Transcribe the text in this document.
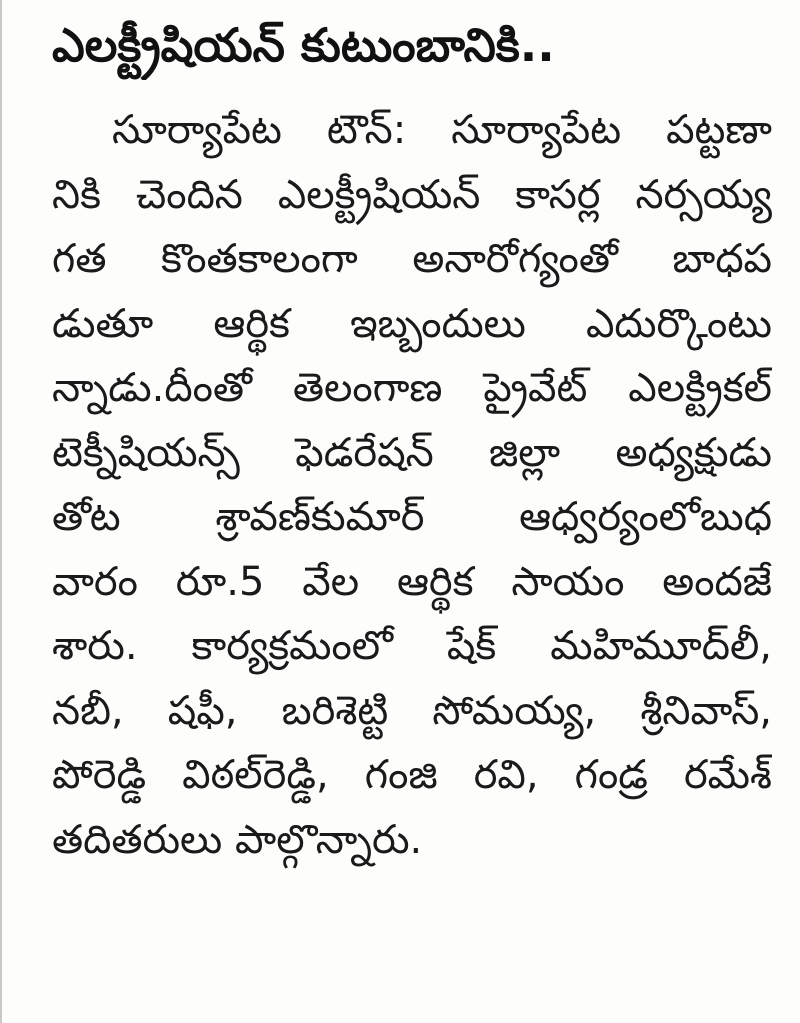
ఎలక్ట్రీషియన్ కుటుంబానికి..
సూర్యాపేట టౌన్: సూర్యాపేట పట్టణా
నికి చెందిన ఎలక్ట్రీషియన్ కాసర్ల నర్సయ్య
గత కొంతకాలంగా అనారోగ్యంతో బాధప
డుతూ ఆర్థిక ఇబ్బందులు ఎదుర్కొంటు
న్నాడు.దీంతో తెలంగాణ ప్రైవేట్ ఎలక్ట్రికల్
టెక్నీషియన్స్ ఫెడరేషన్ జిల్లా అధ్యక్షుడు
తోట శ్రావణ్‌కుమార్ ఆధ్వర్యంలోబుధ
వారం రూ.5 వేల ఆర్థిక సాయం అందజే
శారు. కార్యక్రమంలో షేక్ మహిమూద్‌లీ,
నబీ, షఫీ, బరిశెట్టి సోమయ్య, శ్రీనివాస్,
పోరెడ్డి విఠల్‌రెడ్డి, గంజి రవి, గండ్ర రమేశ్
తదితరులు పాల్గొన్నారు.
